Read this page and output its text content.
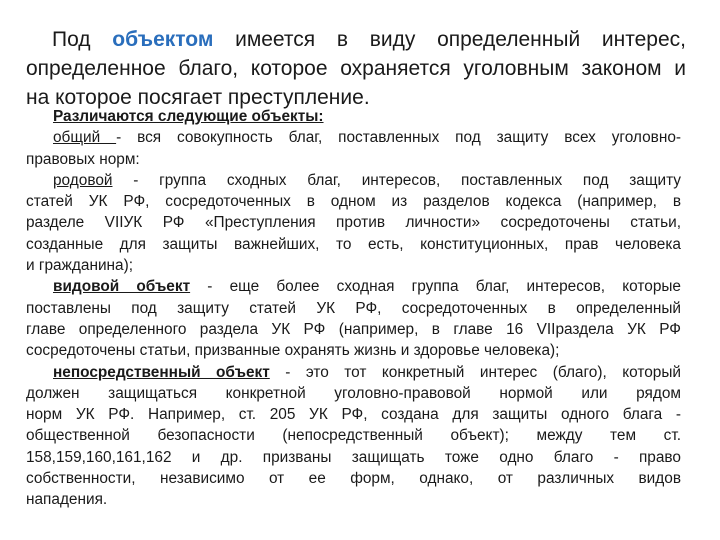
Под объектом имеется в виду определенный интерес,
определенное благо, которое охраняется уголовным законом и
на которое посягает преступление.
Различаются следующие объекты:
общий - вся совокупность благ, поставленных под защиту всех уголовно-
правовых норм:
родовой - группа сходных благ, интересов, поставленных под защиту
статей УК РФ, сосредоточенных в одном из разделов кодекса (например, в
разделе VIIУК РФ «Преступления против личности» сосредоточены статьи,
созданные для защиты важнейших, то есть, конституционных, прав человека
и гражданина);
видовой объект - еще более сходная группа благ, интересов, которые
поставлены под защиту статей УК РФ, сосредоточенных в определенный
главе определенного раздела УК РФ (например, в главе 16 VIIраздела УК РФ
сосредоточены статьи, призванные охранять жизнь и здоровье человека);
непосредственный объект - это тот конкретный интерес (благо), который
должен защищаться конкретной уголовно-правовой нормой или рядом
норм УК РФ. Например, ст. 205 УК РФ, создана для защиты одного блага -
общественной безопасности (непосредственный объект); между тем ст.
158,159,160,161,162 и др. призваны защищать тоже одно благо - право
собственности, независимо от ее форм, однако, от различных видов
нападения.
